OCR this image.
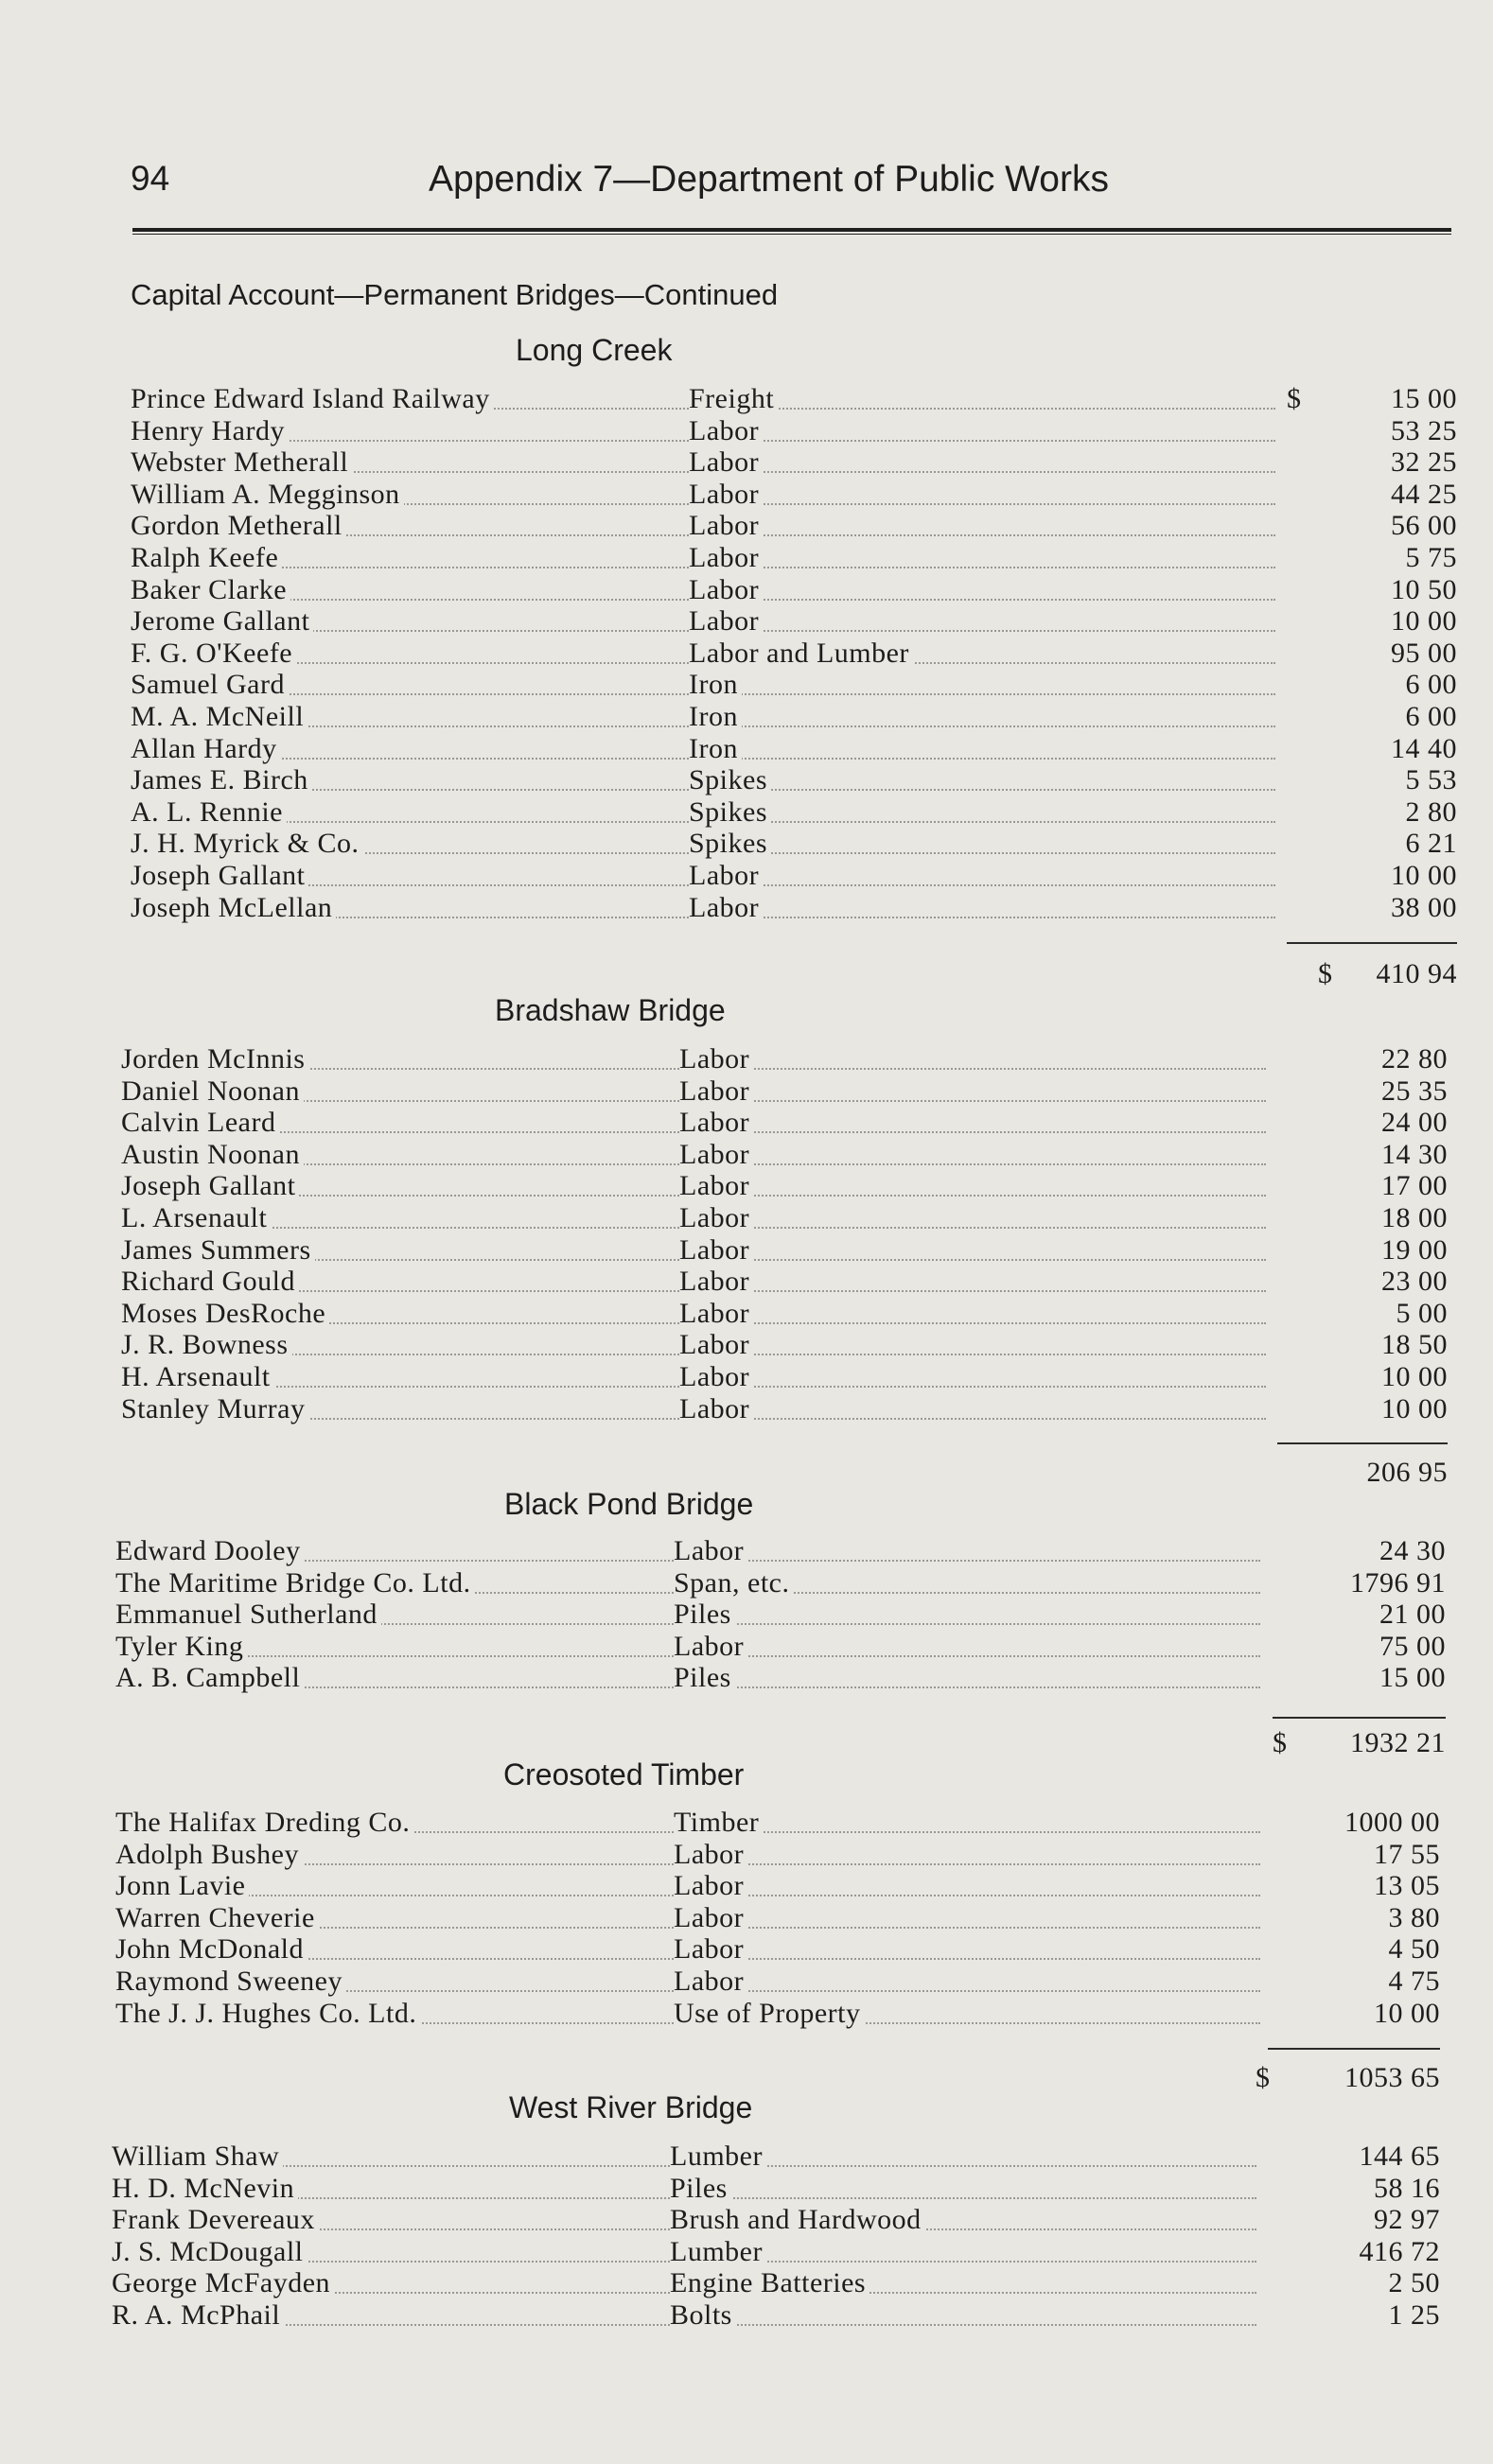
94	Appendix 7—Department of Public Works
Capital Account—Permanent Bridges—Continued
Long Creek
Prince Edward Island Railway	Freight	$	15 00
Henry Hardy	Labor	53 25
Webster Metherall	Labor	32 25
William A. Megginson	Labor	44 25
Gordon Metherall	Labor	56 00
Ralph Keefe	Labor	5 75
Baker Clarke	Labor	10 50
Jerome Gallant	Labor	10 00
F. G. O'Keefe	Labor and Lumber	95 00
Samuel Gard	Iron	6 00
M. A. McNeill	Iron	6 00
Allan Hardy	Iron	14 40
James E. Birch	Spikes	5 53
A. L. Rennie	Spikes	2 80
J. H. Myrick & Co.	Spikes	6 21
Joseph Gallant	Labor	10 00
Joseph McLellan	Labor	38 00
$	410 94
Bradshaw Bridge
Jorden McInnis	Labor	22 80
Daniel Noonan	Labor	25 35
Calvin Leard	Labor	24 00
Austin Noonan	Labor	14 30
Joseph Gallant	Labor	17 00
L. Arsenault	Labor	18 00
James Summers	Labor	19 00
Richard Gould	Labor	23 00
Moses DesRoche	Labor	5 00
J. R. Bowness	Labor	18 50
H. Arsenault	Labor	10 00
Stanley Murray	Labor	10 00
206 95
Black Pond Bridge
Edward Dooley	Labor	24 30
The Maritime Bridge Co. Ltd.	Span, etc.	1796 91
Emmanuel Sutherland	Piles	21 00
Tyler King	Labor	75 00
A. B. Campbell	Piles	15 00
$	1932 21
Creosoted Timber
The Halifax Dreding Co.	Timber	1000 00
Adolph Bushey	Labor	17 55
Jonn Lavie	Labor	13 05
Warren Cheverie	Labor	3 80
John McDonald	Labor	4 50
Raymond Sweeney	Labor	4 75
The J. J. Hughes Co. Ltd.	Use of Property	10 00
$	1053 65
West River Bridge
William Shaw	Lumber	144 65
H. D. McNevin	Piles	58 16
Frank Devereaux	Brush and Hardwood	92 97
J. S. McDougall	Lumber	416 72
George McFayden	Engine Batteries	2 50
R. A. McPhail	Bolts	1 25
